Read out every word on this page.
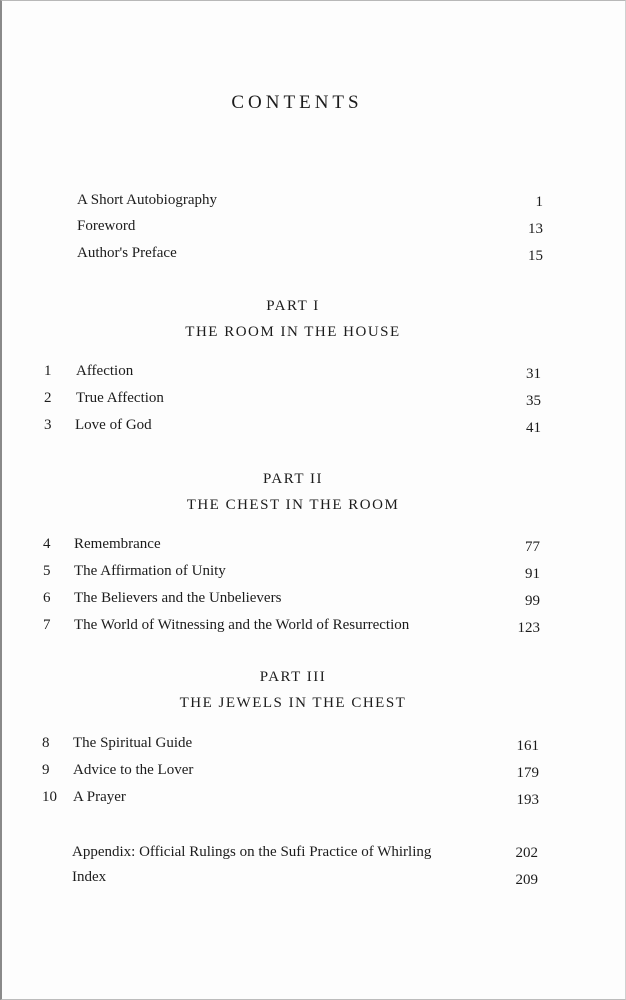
CONTENTS
A Short Autobiography	1
Foreword	13
Author's Preface	15
PART I
THE ROOM IN THE HOUSE
1 Affection	31
2 True Affection	35
3 Love of God	41
PART II
THE CHEST IN THE ROOM
4 Remembrance	77
5 The Affirmation of Unity	91
6 The Believers and the Unbelievers	99
7 The World of Witnessing and the World of Resurrection	123
PART III
THE JEWELS IN THE CHEST
8 The Spiritual Guide	161
9 Advice to the Lover	179
10 A Prayer	193
Appendix: Official Rulings on the Sufi Practice of Whirling	202
Index	209
